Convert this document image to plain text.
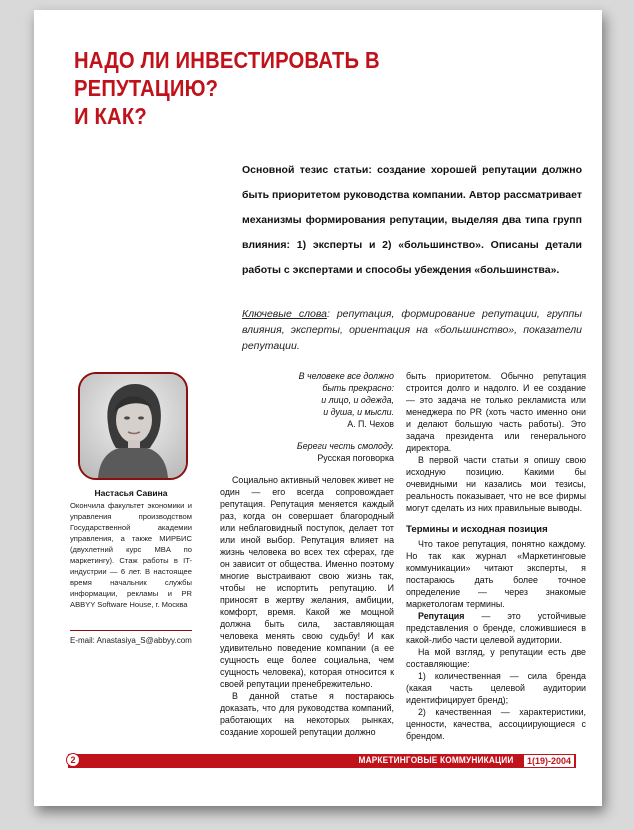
НАДО ЛИ ИНВЕСТИРОВАТЬ В РЕПУТАЦИЮ?
И КАК?

Основной тезис статьи: создание хорошей репутации должно быть приоритетом руководства компании. Автор рассматривает механизмы формирования репутации, выделяя два типа групп влияния: 1) эксперты и 2) «большинство». Описаны детали работы с экспертами и способы убеждения «большинства».

Ключевые слова: репутация, формирование репутации, группы влияния, эксперты, ориентация на «большинство», показатели репутации.

Настасья Савина

Окончила факультет экономики и управления производством Государственной академии управления, а также МИРБИС (двухлетний курс MBA по маркетингу). Стаж работы в IT-индустрии — 6 лет. В настоящее время начальник службы информации, рекламы и PR ABBYY Software House, г. Москва

E-mail: Anastasiya_S@abbyy.com

В человеке все должно

быть прекрасно:

и лицо, и одежда,

и душа, и мысли.

А. П. Чехов

Береги честь смолоду.

Русская поговорка

Социально активный человек живет не один — его всегда сопровождает репутация. Репутация меняется каждый раз, когда он совершает благородный или неблаговидный поступок, делает тот или иной выбор. Репутация влияет на жизнь человека во всех тех сферах, где он зависит от общества. Именно поэтому многие выстраивают свою жизнь так, чтобы не испортить репутацию. И приносят в жертву желания, амбиции, комфорт, время. Какой же мощной должна быть сила, заставляющая человека менять свою судьбу! И как удивительно поведение компании (а ее сущность еще более социальна, чем сущность человека), которая относится к своей репутации пренебрежительно.

В данной статье я постараюсь доказать, что для руководства компаний, работающих на некоторых рынках, создание хорошей репутации должно

быть приоритетом. Обычно репутация строится долго и надолго. И ее создание — это задача не только рекламиста или менеджера по PR (хоть часто именно они и делают большую часть работы). Это задача президента или генерального директора.

В первой части статьи я опишу свою исходную позицию. Какими бы очевидными ни казались мои тезисы, реальность показывает, что не все фирмы могут сделать из них правильные выводы.

Термины и исходная позиция

Что такое репутация, понятно каждому. Но так как журнал «Маркетинговые коммуникации» читают эксперты, я постараюсь дать более точное определение — через знакомые маркетологам термины.

Репутация — это устойчивые представления о бренде, сложившиеся в какой-либо части целевой аудитории.

На мой взгляд, у репутации есть две составляющие:

1) количественная — сила бренда (какая часть целевой аудитории идентифицирует бренд);

2) качественная — характеристики, ценности, качества, ассоциирующиеся с брендом.

2	МАРКЕТИНГОВЫЕ КОММУНИКАЦИИ	1(19)-2004
